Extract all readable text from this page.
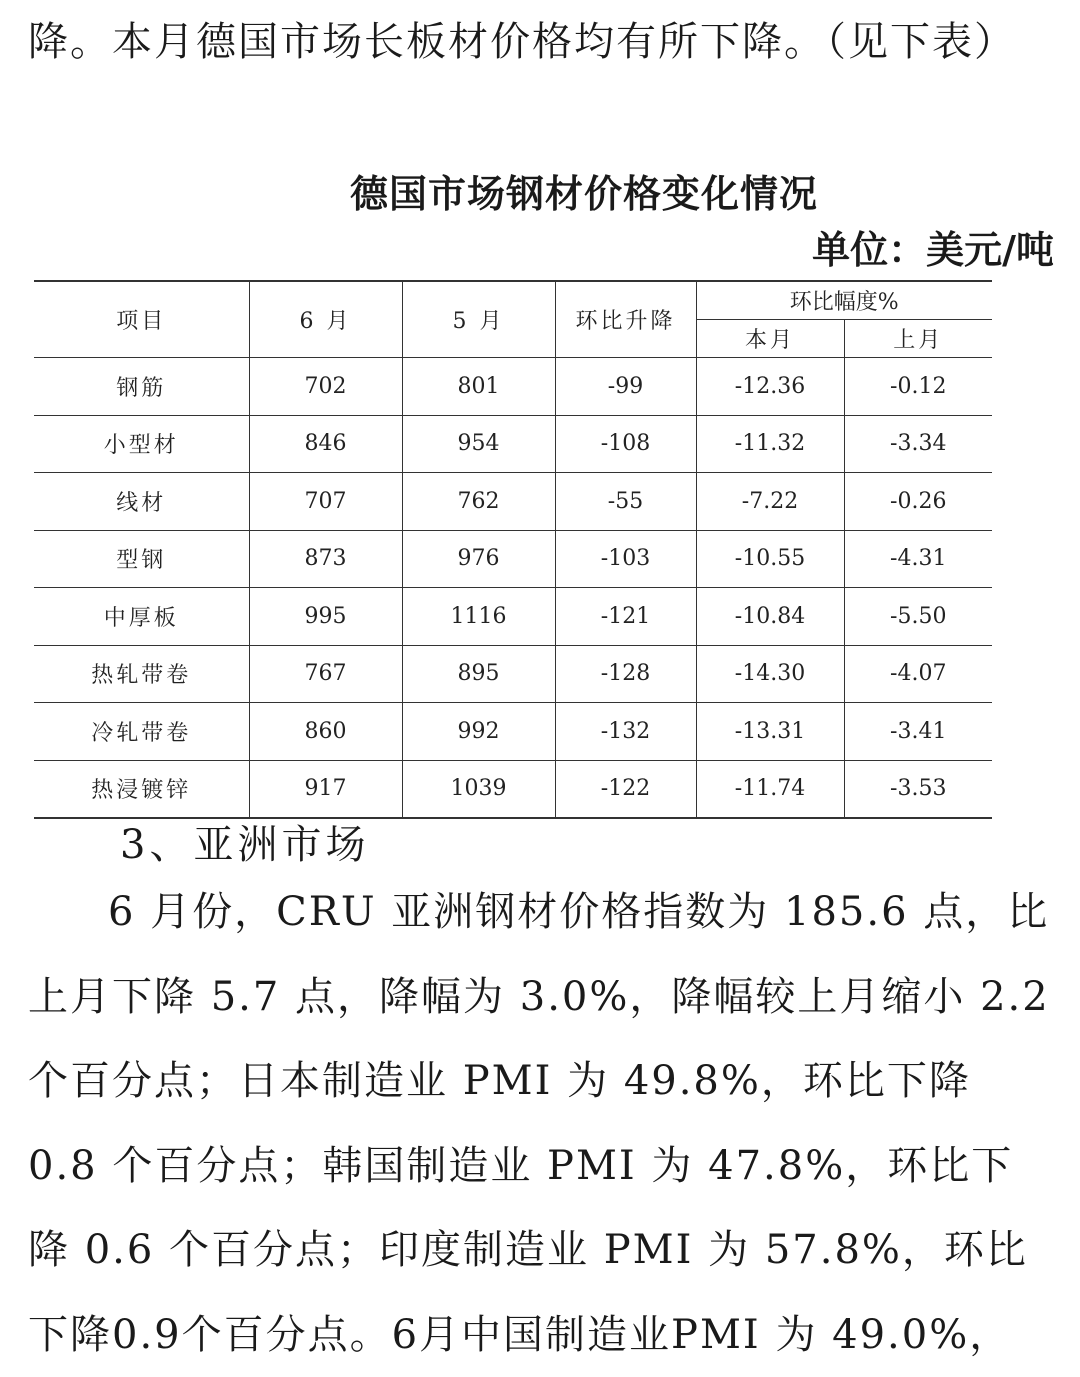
降。本月德国市场长板材价格均有所下降。（见下表）

德国市场钢材价格变化情况
单位：美元/吨
项目	6 月	5 月	环比升降	环比幅度%	
				本月	上月
钢筋	702	801	-99	-12.36	-0.12
小型材	846	954	-108	-11.32	-3.34
线材	707	762	-55	-7.22	-0.26
型钢	873	976	-103	-10.55	-4.31
中厚板	995	1116	-121	-10.84	-5.50
热轧带卷	767	895	-128	-14.30	-4.07
冷轧带卷	860	992	-132	-13.31	-3.41
热浸镀锌	917	1039	-122	-11.74	-3.53
3、亚洲市场

6 月份，CRU 亚洲钢材价格指数为 185.6 点，比上月下降 5.7 点，降幅为 3.0%，降幅较上月缩小 2.2 个百分点；日本制造业 PMI 为 49.8%，环比下降 0.8 个百分点；韩国制造业 PMI 为 47.8%，环比下降 0.6 个百分点；印度制造业 PMI 为 57.8%，环比下降0.9个百分点。6月中国制造业PMI 为 49.0%，
